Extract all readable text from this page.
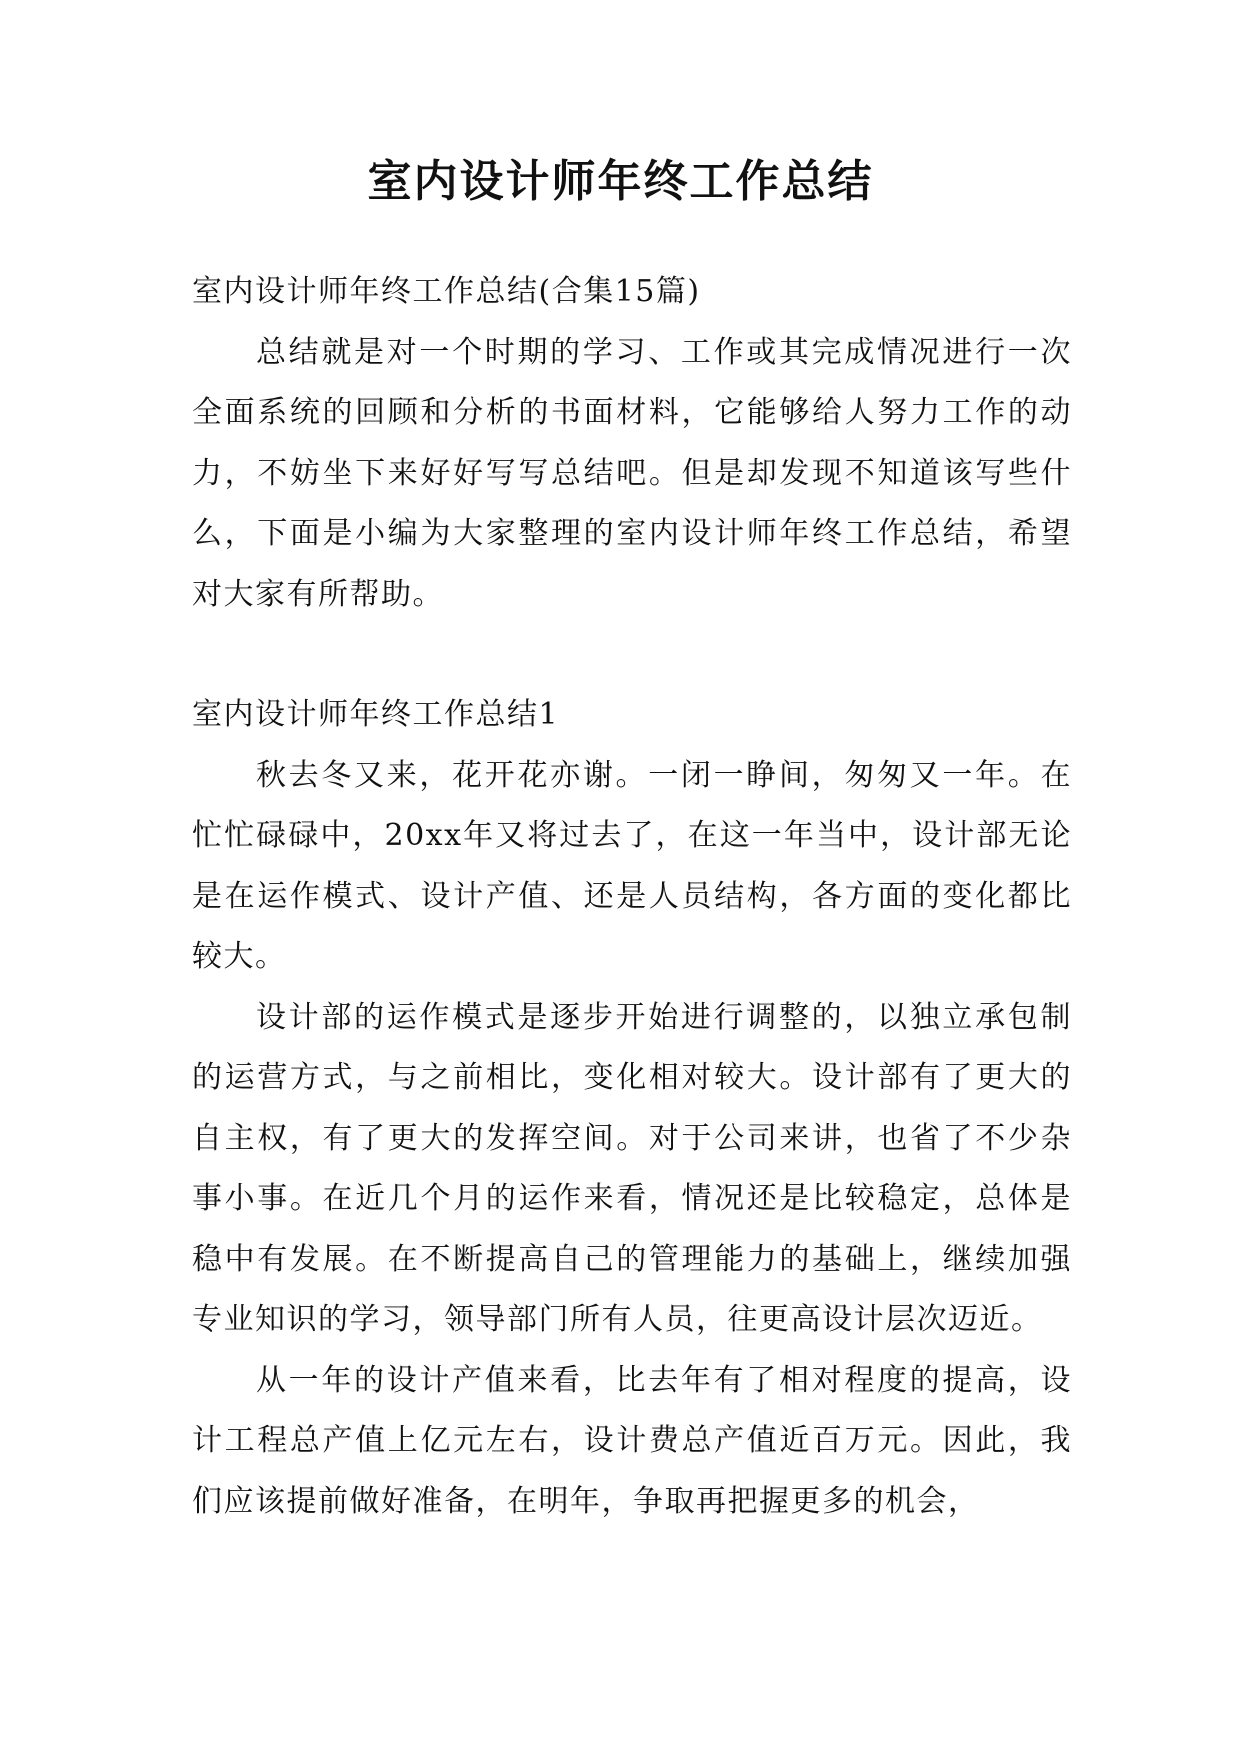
室内设计师年终工作总结

室内设计师年终工作总结(合集15篇)

总结就是对一个时期的学习、工作或其完成情况进行一次全面系统的回顾和分析的书面材料，它能够给人努力工作的动力，不妨坐下来好好写写总结吧。但是却发现不知道该写些什么，下面是小编为大家整理的室内设计师年终工作总结，希望对大家有所帮助。

室内设计师年终工作总结1

秋去冬又来，花开花亦谢。一闭一睁间，匆匆又一年。在忙忙碌碌中，20xx年又将过去了，在这一年当中，设计部无论是在运作模式、设计产值、还是人员结构，各方面的变化都比较大。

设计部的运作模式是逐步开始进行调整的，以独立承包制的运营方式，与之前相比，变化相对较大。设计部有了更大的自主权，有了更大的发挥空间。对于公司来讲，也省了不少杂事小事。在近几个月的运作来看，情况还是比较稳定，总体是稳中有发展。在不断提高自己的管理能力的基础上，继续加强专业知识的学习，领导部门所有人员，往更高设计层次迈近。

从一年的设计产值来看，比去年有了相对程度的提高，设计工程总产值上亿元左右，设计费总产值近百万元。因此，我们应该提前做好准备，在明年，争取再把握更多的机会，
